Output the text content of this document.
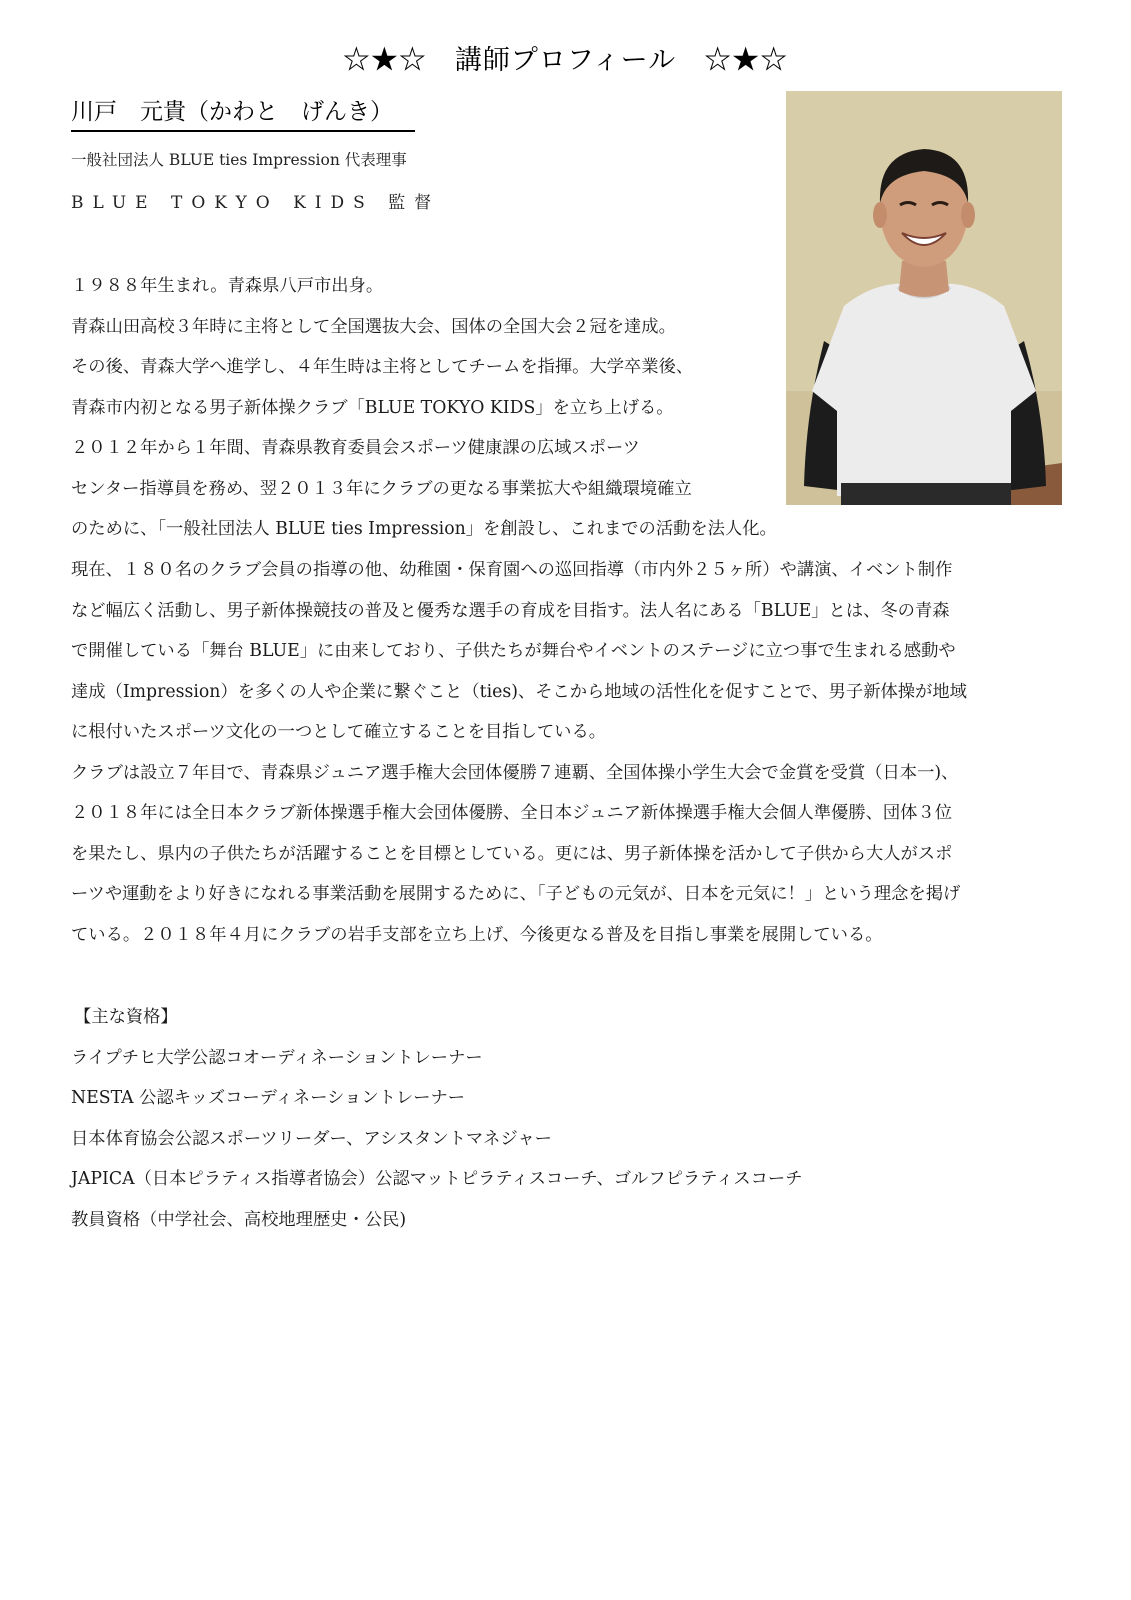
☆★☆　講師プロフィール　☆★☆
川戸　元貴（かわと　げんき）
一般社団法人 BLUE ties Impression 代表理事
BLUE TOKYO KIDS 監督
１９８８年生まれ。青森県八戸市出身。
青森山田高校３年時に主将として全国選抜大会、国体の全国大会２冠を達成。
その後、青森大学へ進学し、４年生時は主将としてチームを指揮。大学卒業後、
青森市内初となる男子新体操クラブ「BLUE TOKYO KIDS」を立ち上げる。
２０１２年から１年間、青森県教育委員会スポーツ健康課の広域スポーツ
センター指導員を務め、翌２０１３年にクラブの更なる事業拡大や組織環境確立
のために、「一般社団法人 BLUE ties Impression」を創設し、これまでの活動を法人化。
現在、１８０名のクラブ会員の指導の他、幼稚園・保育園への巡回指導（市内外２５ヶ所）や講演、イベント制作
など幅広く活動し、男子新体操競技の普及と優秀な選手の育成を目指す。法人名にある「BLUE」とは、冬の青森
で開催している「舞台 BLUE」に由来しており、子供たちが舞台やイベントのステージに立つ事で生まれる感動や
達成（Impression）を多くの人や企業に繋ぐこと（ties)、そこから地域の活性化を促すことで、男子新体操が地域
に根付いたスポーツ文化の一つとして確立することを目指している。
クラブは設立７年目で、青森県ジュニア選手権大会団体優勝７連覇、全国体操小学生大会で金賞を受賞（日本一)、
２０１８年には全日本クラブ新体操選手権大会団体優勝、全日本ジュニア新体操選手権大会個人準優勝、団体３位
を果たし、県内の子供たちが活躍することを目標としている。更には、男子新体操を活かして子供から大人がスポ
ーツや運動をより好きになれる事業活動を展開するために、「子どもの元気が、日本を元気に！」という理念を掲げ
ている。２０１８年４月にクラブの岩手支部を立ち上げ、今後更なる普及を目指し事業を展開している。
【主な資格】
ライプチヒ大学公認コオーディネーショントレーナー
NESTA 公認キッズコーディネーショントレーナー
日本体育協会公認スポーツリーダー、アシスタントマネジャー
JAPICA（日本ピラティス指導者協会）公認マットピラティスコーチ、ゴルフピラティスコーチ
教員資格（中学社会、高校地理歴史・公民)
